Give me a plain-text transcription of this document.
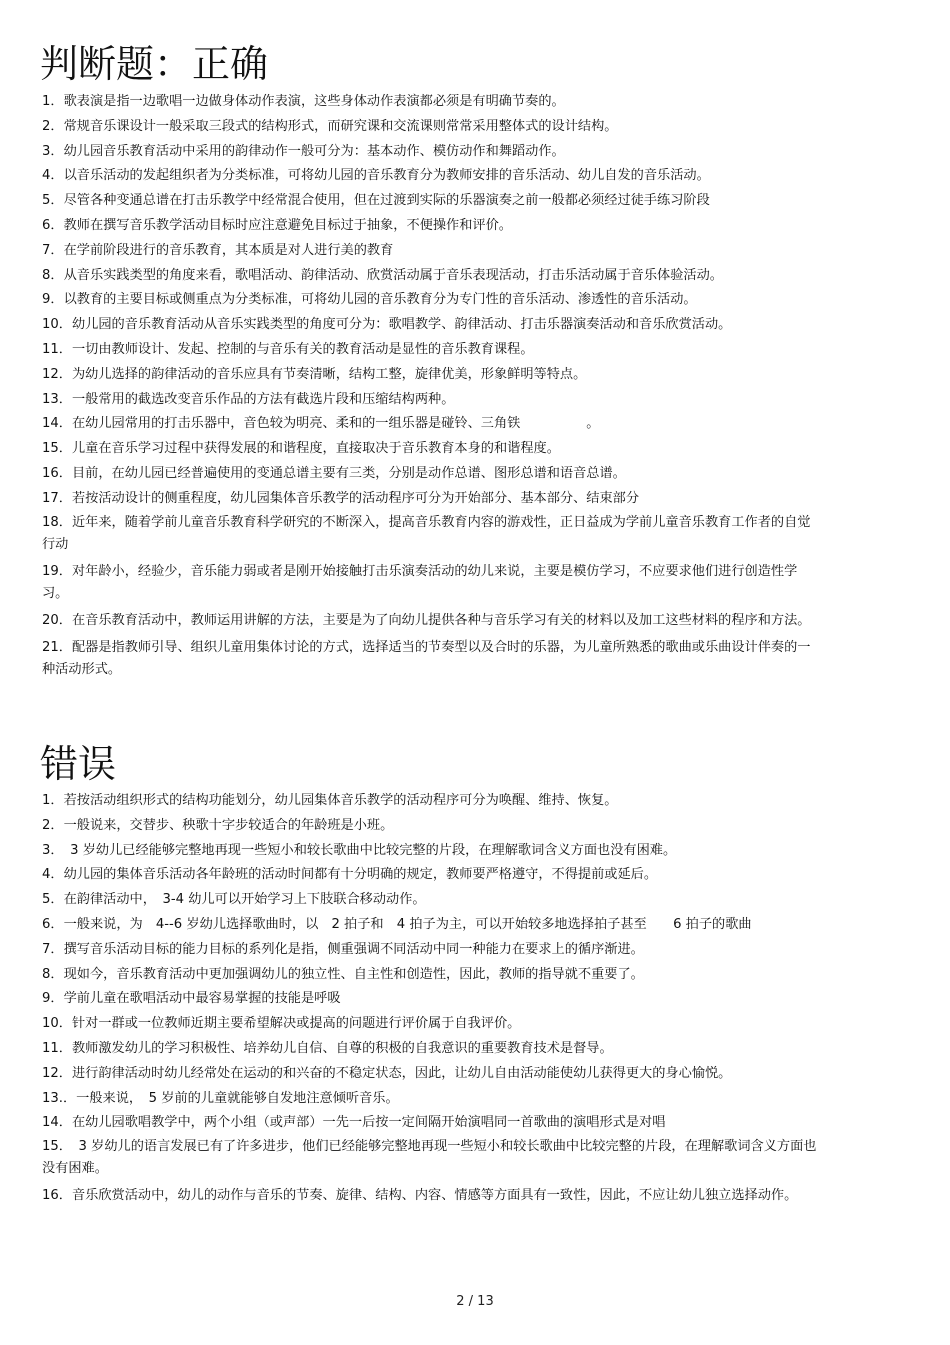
判断题：正确
1．歌表演是指一边歌唱一边做身体动作表演，这些身体动作表演都必须是有明确节奏的。
2．常规音乐课设计一般采取三段式的结构形式，而研究课和交流课则常常采用整体式的设计结构。
3．幼儿园音乐教育活动中采用的韵律动作一般可分为：基本动作、模仿动作和舞蹈动作。
4．以音乐活动的发起组织者为分类标准，可将幼儿园的音乐教育分为教师安排的音乐活动、幼儿自发的音乐活动。
5．尽管各种变通总谱在打击乐教学中经常混合使用，但在过渡到实际的乐器演奏之前一般都必须经过徒手练习阶段
6．教师在撰写音乐教学活动目标时应注意避免目标过于抽象，不便操作和评价。
7．在学前阶段进行的音乐教育，其本质是对人进行美的教育
8．从音乐实践类型的角度来看，歌唱活动、韵律活动、欣赏活动属于音乐表现活动，打击乐活动属于音乐体验活动。
9．以教育的主要目标或侧重点为分类标准，可将幼儿园的音乐教育分为专门性的音乐活动、渗透性的音乐活动。
10．幼儿园的音乐教育活动从音乐实践类型的角度可分为：歌唱教学、韵律活动、打击乐器演奏活动和音乐欣赏活动。
11．一切由教师设计、发起、控制的与音乐有关的教育活动是显性的音乐教育课程。
12．为幼儿选择的韵律活动的音乐应具有节奏清晰，结构工整，旋律优美，形象鲜明等特点。
13．一般常用的截选改变音乐作品的方法有截选片段和压缩结构两种。
14．在幼儿园常用的打击乐器中，音色较为明亮、柔和的一组乐器是碰铃、三角铁　　　　　。
15．儿童在音乐学习过程中获得发展的和谐程度，直接取决于音乐教育本身的和谐程度。
16．目前，在幼儿园已经普遍使用的变通总谱主要有三类，分别是动作总谱、图形总谱和语音总谱。
17．若按活动设计的侧重程度，幼儿园集体音乐教学的活动程序可分为开始部分、基本部分、结束部分
18．近年来，随着学前儿童音乐教育科学研究的不断深入，提高音乐教育内容的游戏性，正日益成为学前儿童音乐教育工作者的自觉行动
19．对年龄小，经验少，音乐能力弱或者是刚开始接触打击乐演奏活动的幼儿来说，主要是模仿学习，不应要求他们进行创造性学习。
20．在音乐教育活动中，教师运用讲解的方法，主要是为了向幼儿提供各种与音乐学习有关的材料以及加工这些材料的程序和方法。
21．配器是指教师引导、组织儿童用集体讨论的方式，选择适当的节奏型以及合时的乐器，为儿童所熟悉的歌曲或乐曲设计伴奏的一种活动形式。
错误
1．若按活动组织形式的结构功能划分，幼儿园集体音乐教学的活动程序可分为唤醒、维持、恢复。
2．一般说来，交替步、秧歌十字步较适合的年龄班是小班。
3．　3 岁幼儿已经能够完整地再现一些短小和较长歌曲中比较完整的片段，在理解歌词含义方面也没有困难。
4．幼儿园的集体音乐活动各年龄班的活动时间都有十分明确的规定，教师要严格遵守，不得提前或延后。
5．在韵律活动中，　3-4 幼儿可以开始学习上下肢联合移动动作。
6．一般来说，为　4--6 岁幼儿选择歌曲时，以　2 拍子和　4 拍子为主，可以开始较多地选择拍子甚至　　6 拍子的歌曲
7．撰写音乐活动目标的能力目标的系列化是指，侧重强调不同活动中同一种能力在要求上的循序渐进。
8．现如今，音乐教育活动中更加强调幼儿的独立性、自主性和创造性，因此，教师的指导就不重要了。
9．学前儿童在歌唱活动中最容易掌握的技能是呼吸
10．针对一群或一位教师近期主要希望解决或提高的问题进行评价属于自我评价。
11．教师激发幼儿的学习积极性、培养幼儿自信、自尊的积极的自我意识的重要教育技术是督导。
12．进行韵律活动时幼儿经常处在运动的和兴奋的不稳定状态，因此，让幼儿自由活动能使幼儿获得更大的身心愉悦。
13.．一般来说，　5 岁前的儿童就能够自发地注意倾听音乐。
14．在幼儿园歌唱教学中，两个小组（或声部）一先一后按一定间隔开始演唱同一首歌曲的演唱形式是对唱
15．　3 岁幼儿的语言发展已有了许多进步，他们已经能够完整地再现一些短小和较长歌曲中比较完整的片段，在理解歌词含义方面也没有困难。
16．音乐欣赏活动中，幼儿的动作与音乐的节奏、旋律、结构、内容、情感等方面具有一致性，因此，不应让幼儿独立选择动作。
2 / 13
